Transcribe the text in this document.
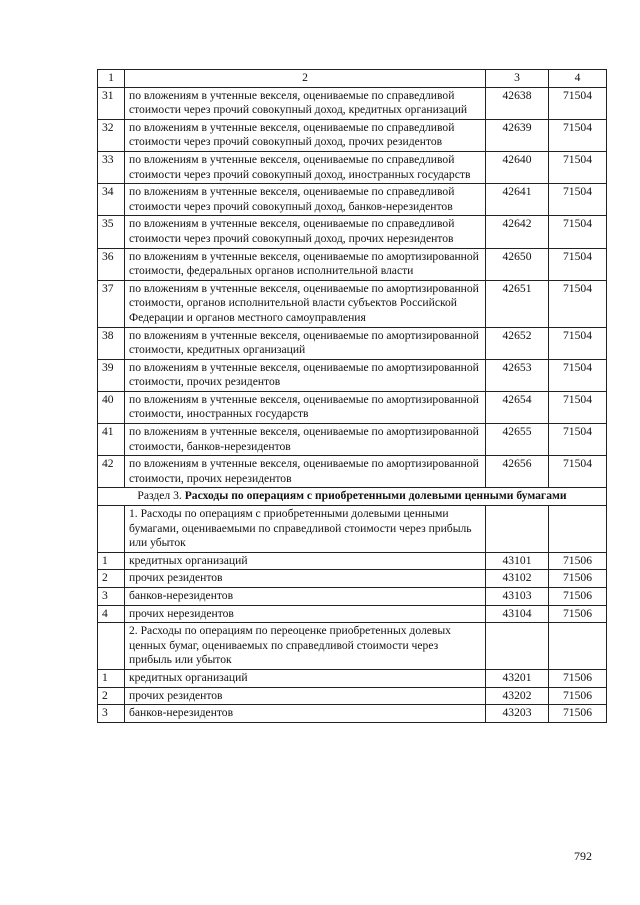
1	2	3	4
31	по вложениям в учтенные векселя, оцениваемые по справедливой стоимости через прочий совокупный доход, кредитных организаций	42638	71504
32	по вложениям в учтенные векселя, оцениваемые по справедливой стоимости через прочий совокупный доход, прочих резидентов	42639	71504
33	по вложениям в учтенные векселя, оцениваемые по справедливой стоимости через прочий совокупный доход, иностранных государств	42640	71504
34	по вложениям в учтенные векселя, оцениваемые по справедливой стоимости через прочий совокупный доход, банков-нерезидентов	42641	71504
35	по вложениям в учтенные векселя, оцениваемые по справедливой стоимости через прочий совокупный доход, прочих нерезидентов	42642	71504
36	по вложениям в учтенные векселя, оцениваемые по амортизированной стоимости, федеральных органов исполнительной власти	42650	71504
37	по вложениям в учтенные векселя, оцениваемые по амортизированной стоимости, органов исполнительной власти субъектов Российской Федерации и органов местного самоуправления	42651	71504
38	по вложениям в учтенные векселя, оцениваемые по амортизированной стоимости, кредитных организаций	42652	71504
39	по вложениям в учтенные векселя, оцениваемые по амортизированной стоимости, прочих резидентов	42653	71504
40	по вложениям в учтенные векселя, оцениваемые по амортизированной стоимости, иностранных государств	42654	71504
41	по вложениям в учтенные векселя, оцениваемые по амортизированной стоимости, банков-нерезидентов	42655	71504
42	по вложениям в учтенные векселя, оцениваемые по амортизированной стоимости, прочих нерезидентов	42656	71504
Раздел 3. Расходы по операциям с приобретенными долевыми ценными бумагами			
	1. Расходы по операциям с приобретенными долевыми ценными бумагами, оцениваемыми по справедливой стоимости через прибыль или убыток		
1	кредитных организаций	43101	71506
2	прочих резидентов	43102	71506
3	банков-нерезидентов	43103	71506
4	прочих нерезидентов	43104	71506
	2. Расходы по операциям по переоценке приобретенных долевых ценных бумаг, оцениваемых по справедливой стоимости через прибыль или убыток		
1	кредитных организаций	43201	71506
2	прочих резидентов	43202	71506
3	банков-нерезидентов	43203	71506
792
